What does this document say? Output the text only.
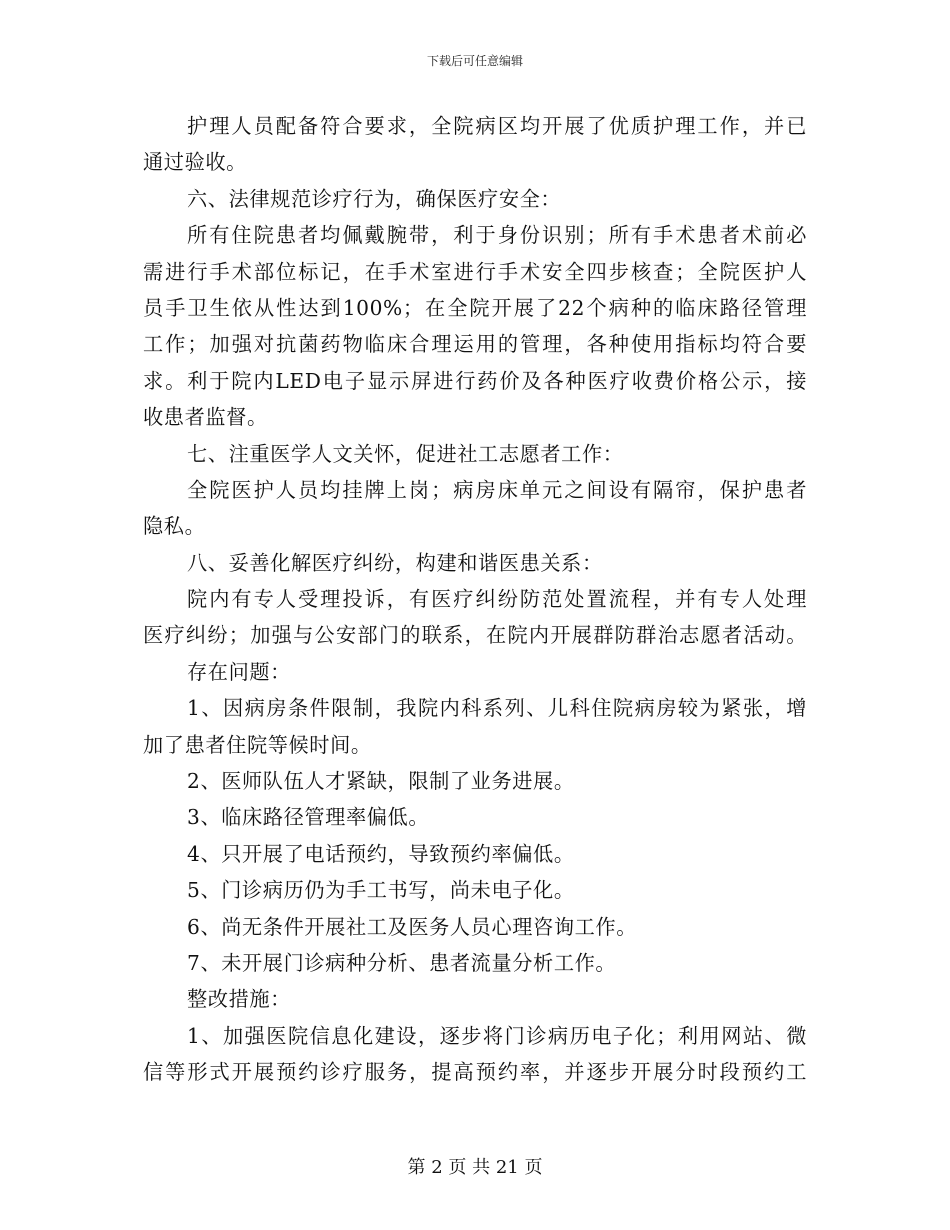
下载后可任意编辑
护理人员配备符合要求，全院病区均开展了优质护理工作，并已
通过验收。
六、法律规范诊疗行为，确保医疗安全：
所有住院患者均佩戴腕带，利于身份识别；所有手术患者术前必
需进行手术部位标记，在手术室进行手术安全四步核查；全院医护人
员手卫生依从性达到100%；在全院开展了22个病种的临床路径管理
工作；加强对抗菌药物临床合理运用的管理，各种使用指标均符合要
求。利于院内LED电子显示屏进行药价及各种医疗收费价格公示，接
收患者监督。
七、注重医学人文关怀，促进社工志愿者工作：
全院医护人员均挂牌上岗；病房床单元之间设有隔帘，保护患者
隐私。
八、妥善化解医疗纠纷，构建和谐医患关系：
院内有专人受理投诉，有医疗纠纷防范处置流程，并有专人处理
医疗纠纷；加强与公安部门的联系，在院内开展群防群治志愿者活动。
存在问题：
1、因病房条件限制，我院内科系列、儿科住院病房较为紧张，增
加了患者住院等候时间。
2、医师队伍人才紧缺，限制了业务进展。
3、临床路径管理率偏低。
4、只开展了电话预约，导致预约率偏低。
5、门诊病历仍为手工书写，尚未电子化。
6、尚无条件开展社工及医务人员心理咨询工作。
7、未开展门诊病种分析、患者流量分析工作。
整改措施：
1、加强医院信息化建设，逐步将门诊病历电子化；利用网站、微
信等形式开展预约诊疗服务，提高预约率，并逐步开展分时段预约工
第 2 页 共 21 页
